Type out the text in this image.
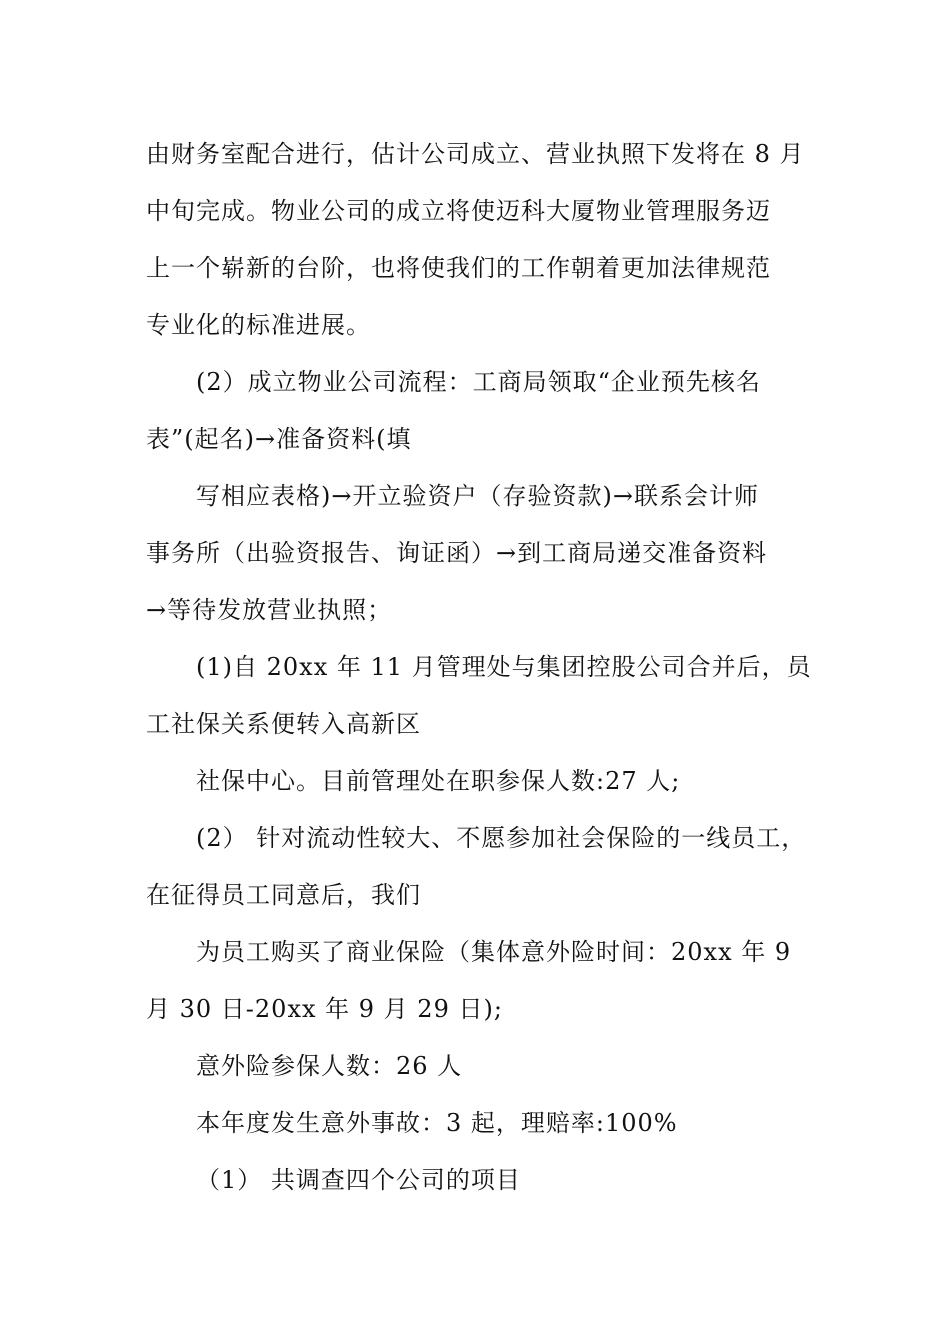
由财务室配合进行，估计公司成立、营业执照下发将在 8 月
中旬完成。物业公司的成立将使迈科大厦物业管理服务迈
上一个崭新的台阶，也将使我们的工作朝着更加法律规范
专业化的标准进展。
(2）成立物业公司流程：工商局领取“企业预先核名
表”(起名)→准备资料(填
写相应表格)→开立验资户（存验资款)→联系会计师
事务所（出验资报告、询证函）→到工商局递交准备资料
→等待发放营业执照；
(1)自 20xx 年 11 月管理处与集团控股公司合并后，员
工社保关系便转入高新区
社保中心。目前管理处在职参保人数:27 人;
(2） 针对流动性较大、不愿参加社会保险的一线员工，
在征得员工同意后，我们
为员工购买了商业保险（集体意外险时间：20xx 年 9
月 30 日-20xx 年 9 月 29 日);
意外险参保人数：26 人
本年度发生意外事故：3 起，理赔率:100%
（1） 共调查四个公司的项目
